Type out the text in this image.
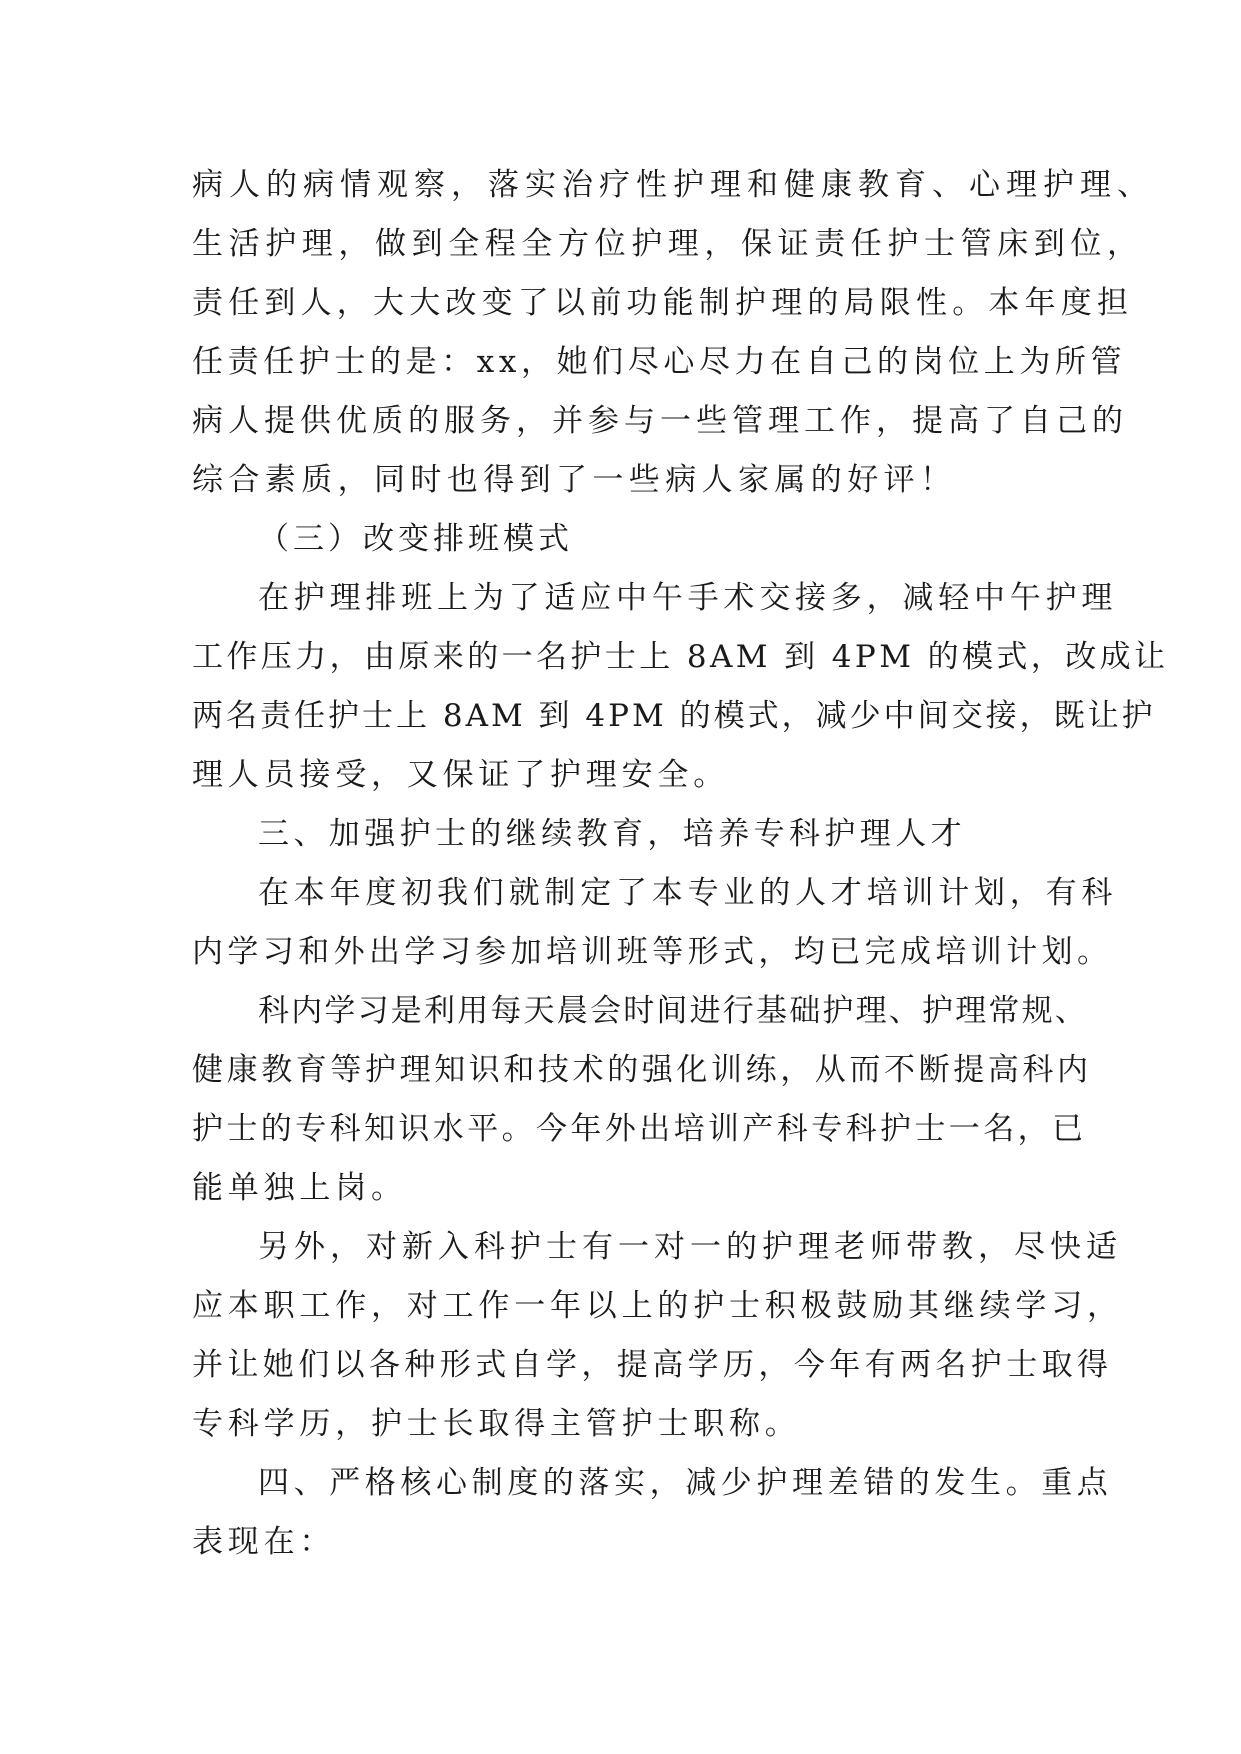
病人的病情观察，落实治疗性护理和健康教育、心理护理、
生活护理，做到全程全方位护理，保证责任护士管床到位，
责任到人，大大改变了以前功能制护理的局限性。本年度担
任责任护士的是：xx，她们尽心尽力在自己的岗位上为所管
病人提供优质的服务，并参与一些管理工作，提高了自己的
综合素质，同时也得到了一些病人家属的好评！
（三）改变排班模式
在护理排班上为了适应中午手术交接多，减轻中午护理
工作压力，由原来的一名护士上 8AM 到 4PM 的模式，改成让
两名责任护士上 8AM 到 4PM 的模式，减少中间交接，既让护
理人员接受，又保证了护理安全。
三、加强护士的继续教育，培养专科护理人才
在本年度初我们就制定了本专业的人才培训计划，有科
内学习和外出学习参加培训班等形式，均已完成培训计划。
科内学习是利用每天晨会时间进行基础护理、护理常规、
健康教育等护理知识和技术的强化训练，从而不断提高科内
护士的专科知识水平。今年外出培训产科专科护士一名，已
能单独上岗。
另外，对新入科护士有一对一的护理老师带教，尽快适
应本职工作，对工作一年以上的护士积极鼓励其继续学习，
并让她们以各种形式自学，提高学历，今年有两名护士取得
专科学历，护士长取得主管护士职称。
四、严格核心制度的落实，减少护理差错的发生。重点
表现在：
